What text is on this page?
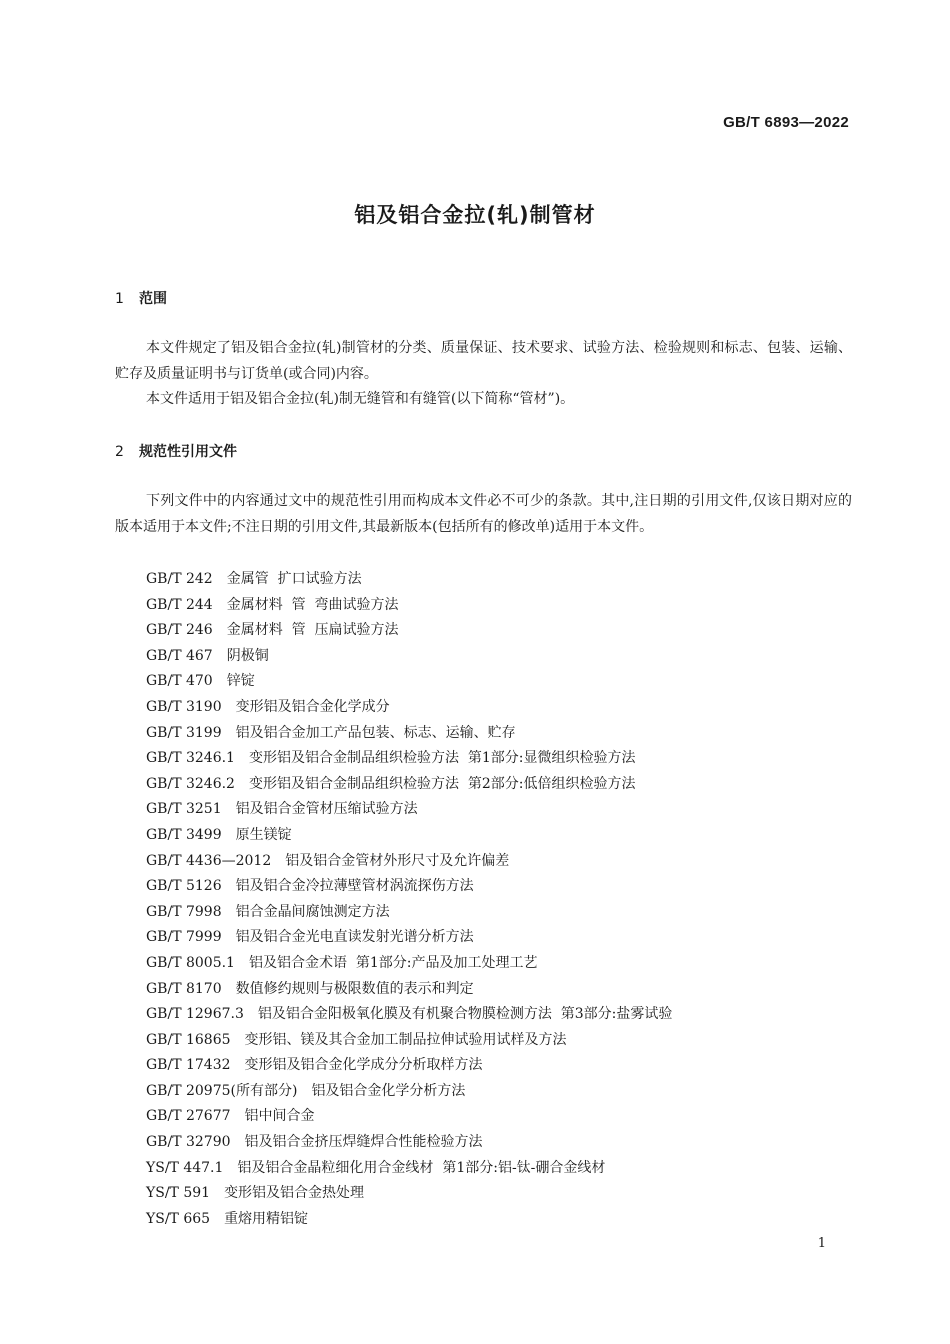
GB/T 6893—2022
铝及铝合金拉(轧)制管材
1 范围

本文件规定了铝及铝合金拉(轧)制管材的分类、质量保证、技术要求、试验方法、检验规则和标志、包装、运输、贮存及质量证明书与订货单(或合同)内容。

本文件适用于铝及铝合金拉(轧)制无缝管和有缝管(以下简称“管材”)。

2 规范性引用文件

下列文件中的内容通过文中的规范性引用而构成本文件必不可少的条款。其中,注日期的引用文件,仅该日期对应的版本适用于本文件;不注日期的引用文件,其最新版本(包括所有的修改单)适用于本文件。

GB/T 242 金属管  扩口试验方法
GB/T 244 金属材料  管  弯曲试验方法
GB/T 246 金属材料  管  压扁试验方法
GB/T 467 阴极铜
GB/T 470 锌锭
GB/T 3190 变形铝及铝合金化学成分
GB/T 3199 铝及铝合金加工产品包装、标志、运输、贮存
GB/T 3246.1 变形铝及铝合金制品组织检验方法  第1部分:显微组织检验方法
GB/T 3246.2 变形铝及铝合金制品组织检验方法  第2部分:低倍组织检验方法
GB/T 3251 铝及铝合金管材压缩试验方法
GB/T 3499 原生镁锭
GB/T 4436—2012 铝及铝合金管材外形尺寸及允许偏差
GB/T 5126 铝及铝合金冷拉薄壁管材涡流探伤方法
GB/T 7998 铝合金晶间腐蚀测定方法
GB/T 7999 铝及铝合金光电直读发射光谱分析方法
GB/T 8005.1 铝及铝合金术语  第1部分:产品及加工处理工艺
GB/T 8170 数值修约规则与极限数值的表示和判定
GB/T 12967.3 铝及铝合金阳极氧化膜及有机聚合物膜检测方法  第3部分:盐雾试验
GB/T 16865 变形铝、镁及其合金加工制品拉伸试验用试样及方法
GB/T 17432 变形铝及铝合金化学成分分析取样方法
GB/T 20975(所有部分) 铝及铝合金化学分析方法
GB/T 27677 铝中间合金
GB/T 32790 铝及铝合金挤压焊缝焊合性能检验方法
YS/T 447.1 铝及铝合金晶粒细化用合金线材  第1部分:铝-钛-硼合金线材
YS/T 591 变形铝及铝合金热处理
YS/T 665 重熔用精铝锭
1
